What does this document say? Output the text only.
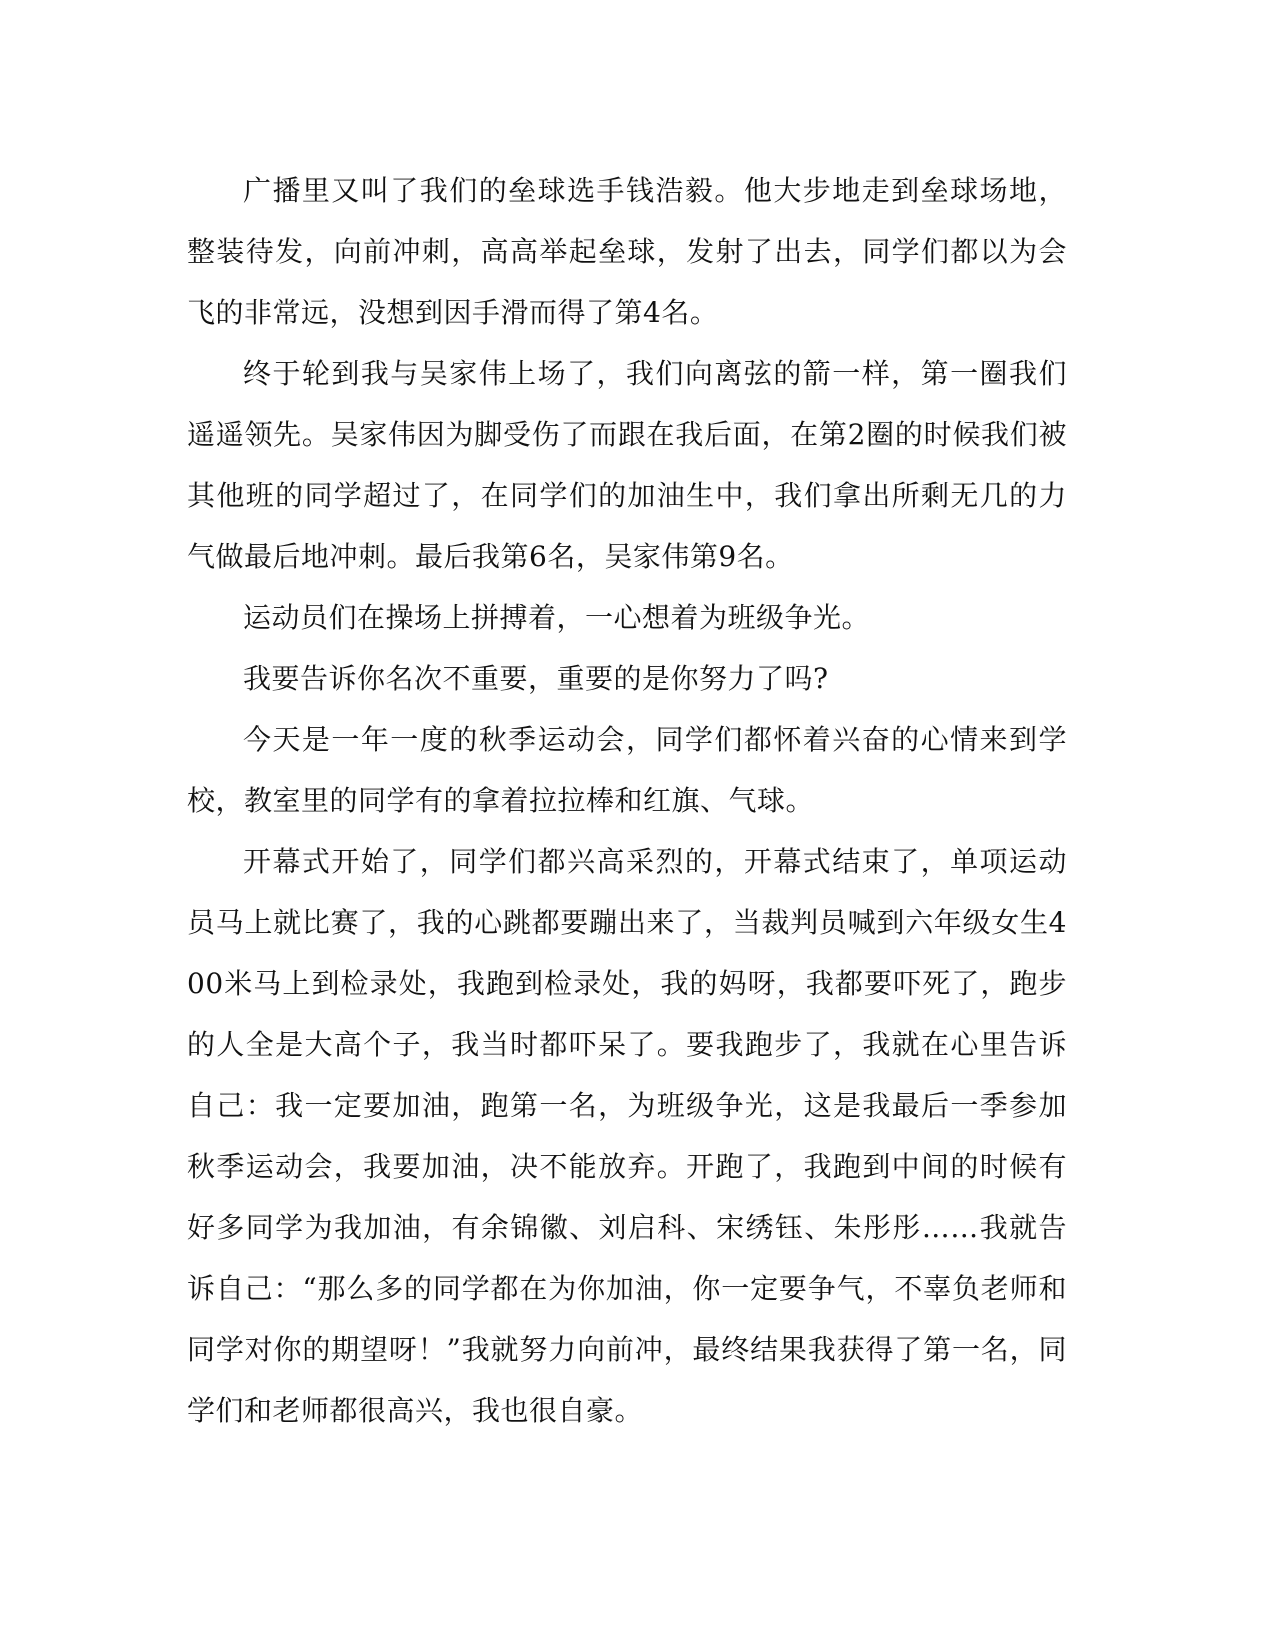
广播里又叫了我们的垒球选手钱浩毅。他大步地走到垒球场地，整装待发，向前冲刺，高高举起垒球，发射了出去，同学们都以为会飞的非常远，没想到因手滑而得了第4名。

终于轮到我与吴家伟上场了，我们向离弦的箭一样，第一圈我们遥遥领先。吴家伟因为脚受伤了而跟在我后面，在第2圈的时候我们被其他班的同学超过了，在同学们的加油生中，我们拿出所剩无几的力气做最后地冲刺。最后我第6名，吴家伟第9名。

运动员们在操场上拼搏着，一心想着为班级争光。

我要告诉你名次不重要，重要的是你努力了吗?

今天是一年一度的秋季运动会，同学们都怀着兴奋的心情来到学校，教室里的同学有的拿着拉拉棒和红旗、气球。

开幕式开始了，同学们都兴高采烈的，开幕式结束了，单项运动员马上就比赛了，我的心跳都要蹦出来了，当裁判员喊到六年级女生400米马上到检录处，我跑到检录处，我的妈呀，我都要吓死了，跑步的人全是大高个子，我当时都吓呆了。要我跑步了，我就在心里告诉自己：我一定要加油，跑第一名，为班级争光，这是我最后一季参加秋季运动会，我要加油，决不能放弃。开跑了，我跑到中间的时候有好多同学为我加油，有余锦徽、刘启科、宋绣钰、朱彤彤……我就告诉自己：“那么多的同学都在为你加油，你一定要争气，不辜负老师和同学对你的期望呀！”我就努力向前冲，最终结果我获得了第一名，同学们和老师都很高兴，我也很自豪。
